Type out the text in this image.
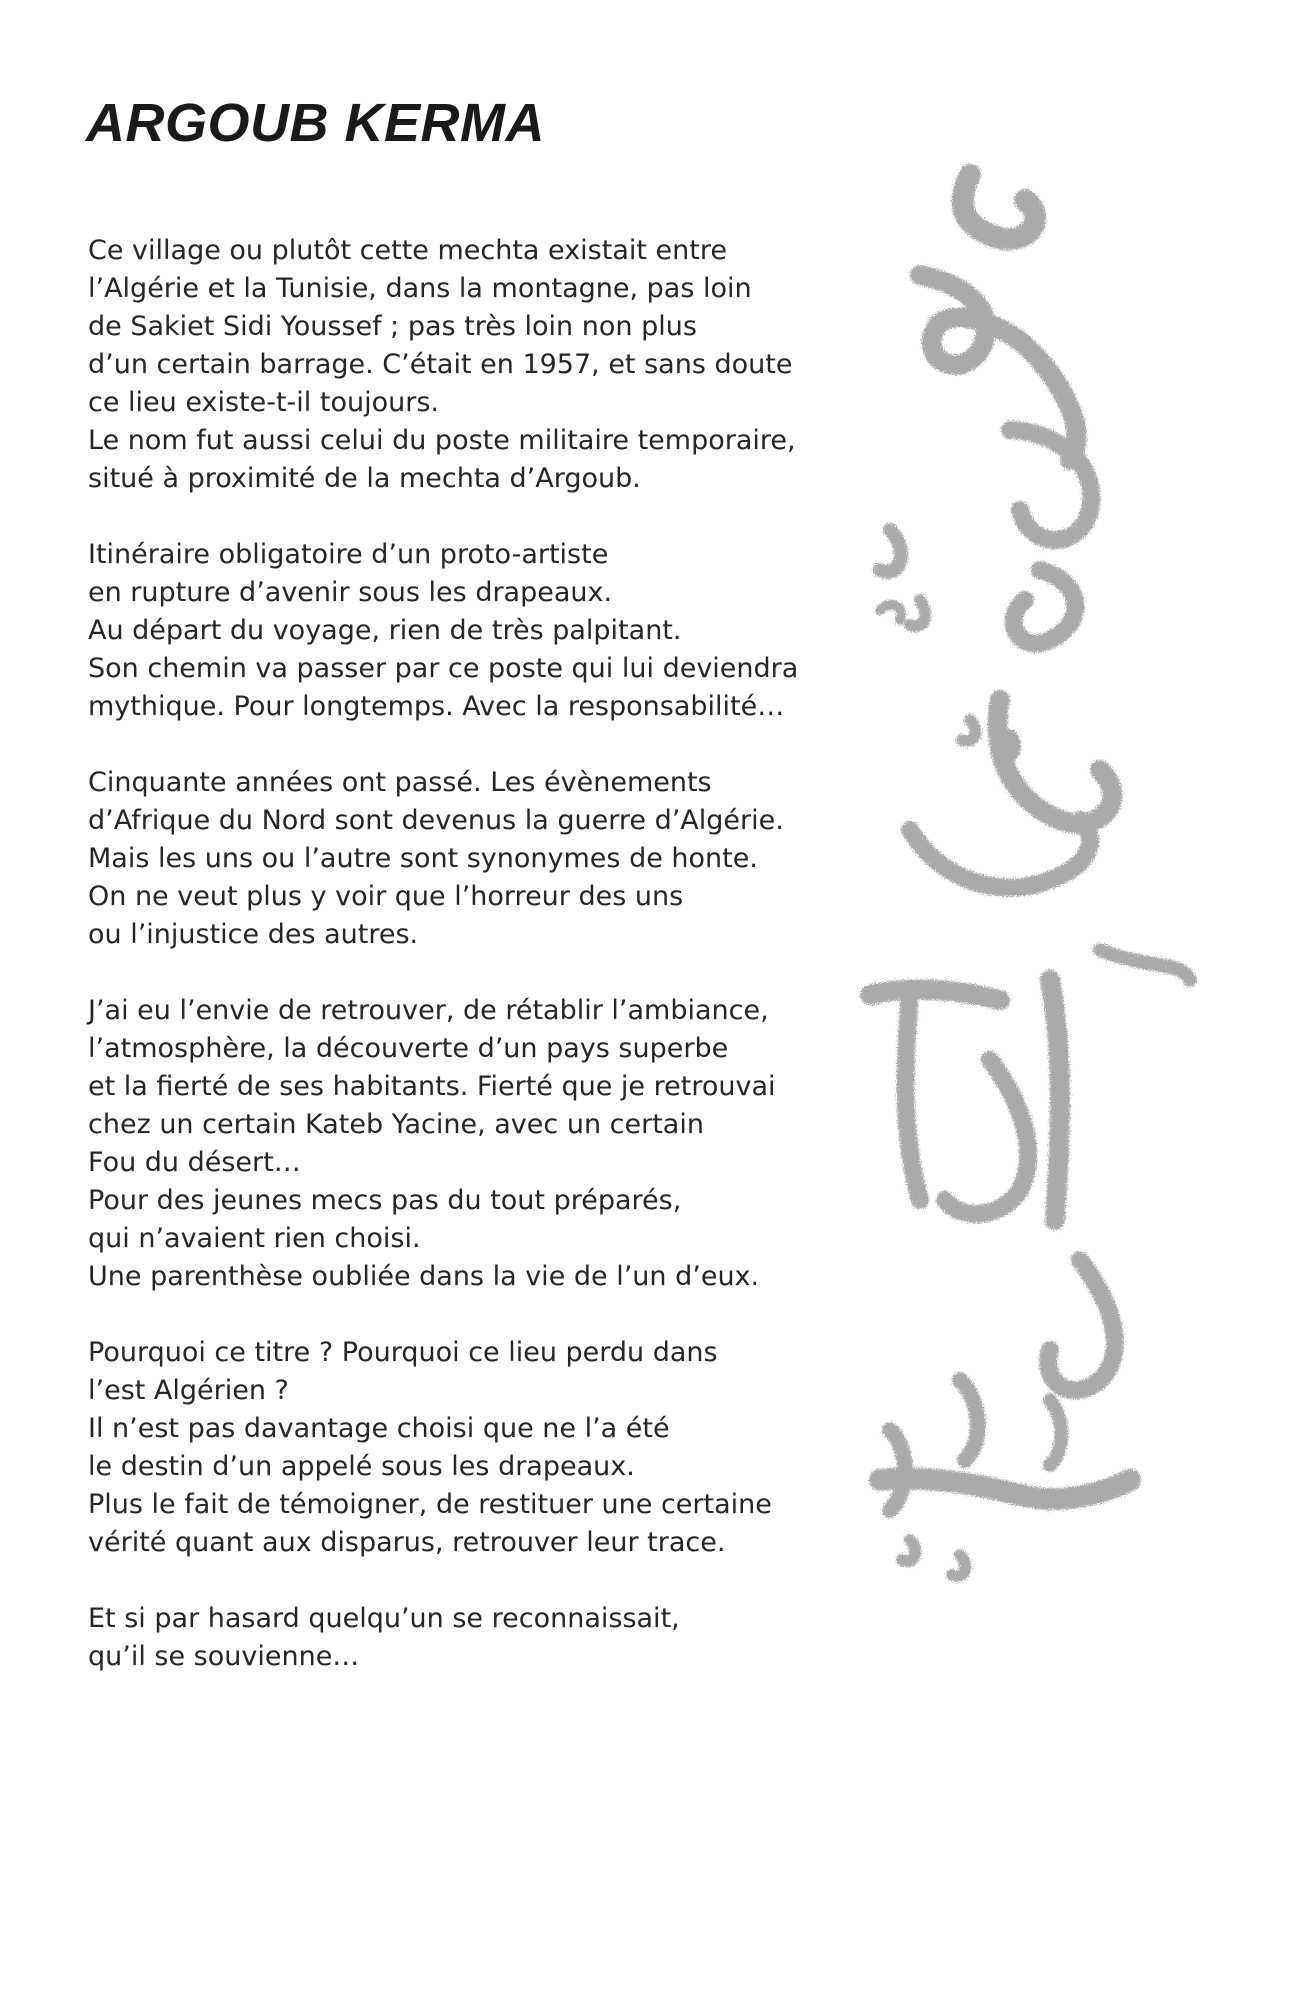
ARGOUB KERMA

Ce village ou plutôt cette mechta existait entre
l’Algérie et la Tunisie, dans la montagne, pas loin
de Sakiet Sidi Youssef ; pas très loin non plus
d’un certain barrage. C’était en 1957, et sans doute
ce lieu existe-t-il toujours.
Le nom fut aussi celui du poste militaire temporaire,
situé à proximité de la mechta d’Argoub.

Itinéraire obligatoire d’un proto-artiste
en rupture d’avenir sous les drapeaux.
Au départ du voyage, rien de très palpitant.
Son chemin va passer par ce poste qui lui deviendra
mythique. Pour longtemps. Avec la responsabilité…

Cinquante années ont passé. Les évènements
d’Afrique du Nord sont devenus la guerre d’Algérie.
Mais les uns ou l’autre sont synonymes de honte.
On ne veut plus y voir que l’horreur des uns
ou l’injustice des autres.

J’ai eu l’envie de retrouver, de rétablir l’ambiance,
l’atmosphère, la découverte d’un pays superbe
et la fierté de ses habitants. Fierté que je retrouvai
chez un certain Kateb Yacine, avec un certain
Fou du désert…
Pour des jeunes mecs pas du tout préparés,
qui n’avaient rien choisi.
Une parenthèse oubliée dans la vie de l’un d’eux.

Pourquoi ce titre ? Pourquoi ce lieu perdu dans
l’est Algérien ?
Il n’est pas davantage choisi que ne l’a été
le destin d’un appelé sous les drapeaux.
Plus le fait de témoigner, de restituer une certaine
vérité quant aux disparus, retrouver leur trace.

Et si par hasard quelqu’un se reconnaissait,
qu’il se souvienne…
